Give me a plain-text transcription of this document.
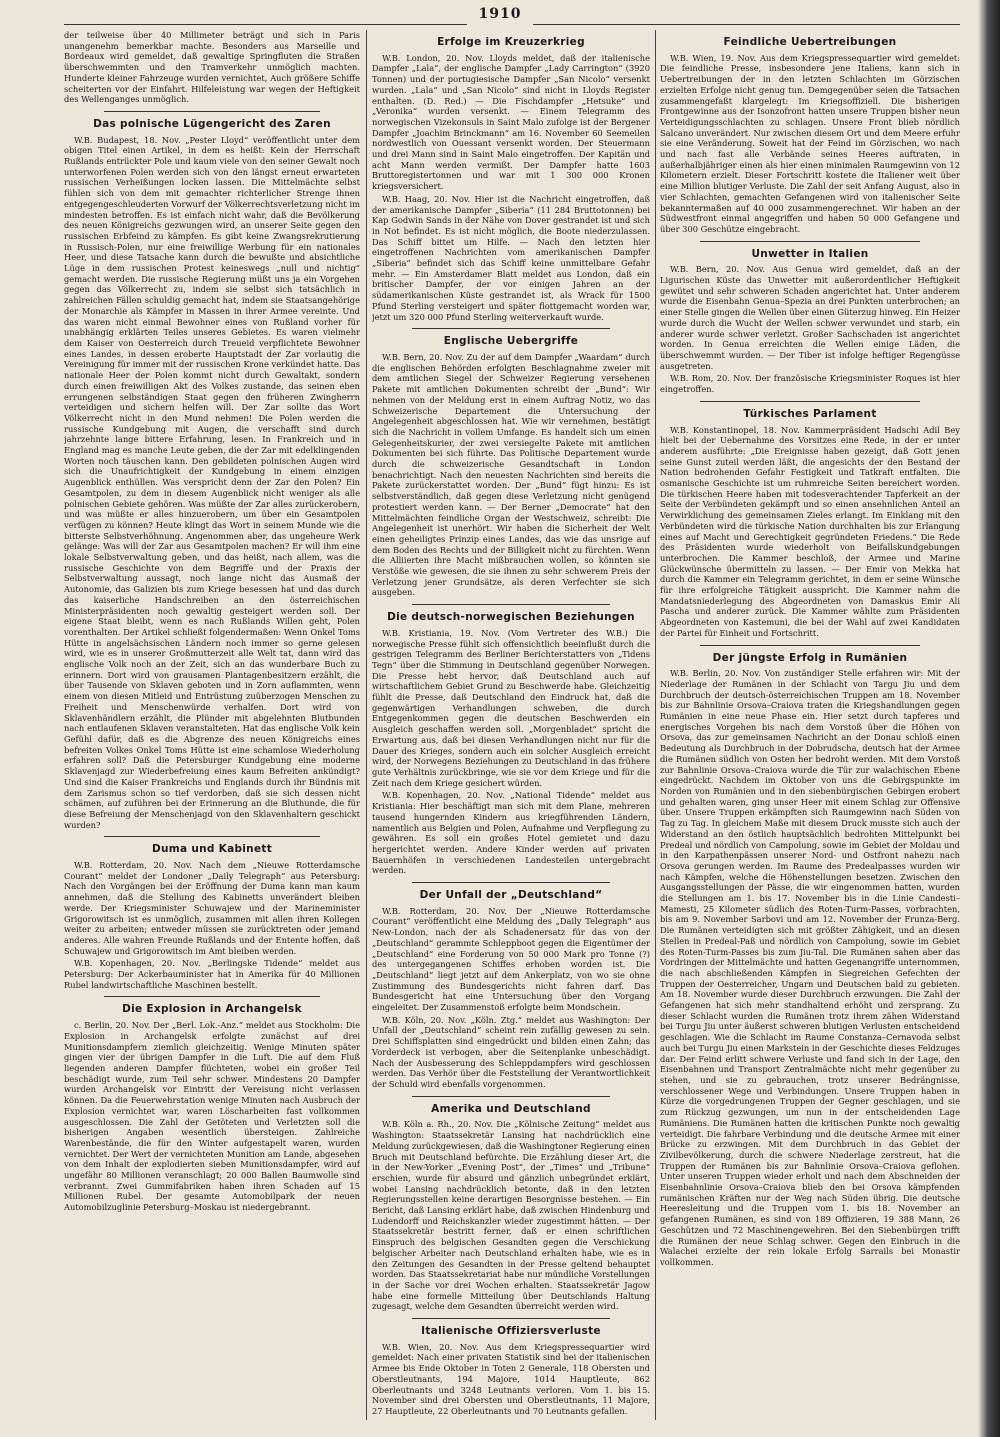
1910

der teilweise über 40 Millimeter beträgt und sich in Paris unangenehm bemerkbar machte. Besonders aus Marseille und Bordeaux wird gemeldet, daß gewaltige Springfluten die Straßen überschwemmten und den Tramverkehr unmöglich machten. Hunderte kleiner Fahrzeuge wurden vernichtet, Auch größere Schiffe scheiterten vor der Einfahrt. Hilfeleistung war wegen der Heftigkeit des Wellenganges unmöglich.

Das polnische Lügengericht des Zaren

W.B. Budapest, 18. Nov. „Pester Lloyd“ veröffentlicht unter dem obigen Titel einen Artikel, in dem es heißt: Kein der Herrschaft Rußlands entrückter Pole und kaum viele von den seiner Gewalt noch unterworfenen Polen werden sich von den längst erneut erwarteten russischen Verheißungen locken lassen. Die Mittelmächte selbst fühlen sich von dem mit gemachter richterlicher Strenge ihnen entgegengeschleuderten Vorwurf der Völkerrechtsverletzung nicht im mindesten betroffen. Es ist einfach nicht wahr, daß die Bevölkerung des neuen Königreichs gezwungen wird, an unserer Seite gegen den russischen Erbfeind zu kämpfen. Es gibt keine Zwangsrekrutierung in Russisch-Polen, nur eine freiwillige Werbung für ein nationales Heer, und diese Tatsache kann durch die bewußte und absichtliche Lüge in dem russischen Protest keineswegs „null und nichtig“ gemacht werden. Die russische Regierung müßt uns ja ein Vorgehen gegen das Völkerrecht zu, indem sie selbst sich tatsächlich in zahlreichen Fällen schuldig gemacht hat, indem sie Staatsangehörige der Monarchie als Kämpfer in Massen in ihrer Armee vereinte. Und das waren nicht einmal Bewohner eines von Rußland vorher für unabhängig erklärten Teiles unseres Gebietes. Es waren vielmehr dem Kaiser von Oesterreich durch Treueid verpflichtete Bewohner eines Landes, in dessen eroberte Hauptstadt der Zar vorlautig die Vereinigung für immer mit der russischen Krone verkündet hatte. Das nationale Heer der Polen kommt nicht durch Gewaltakt, sondern durch einen freiwilligen Akt des Volkes zustande, das seinen eben errungenen selbständigen Staat gegen den früheren Zwingherrn verteidigen und sichern helfen will. Der Zar sollte das Wort Völkerrecht nicht in den Mund nehmen! Die Polen werden die russische Kundgebung mit Augen, die verschafft sind durch jahrzehnte lange bittere Erfahrung, lesen. In Frankreich und in England mag es manche Leute geben, die der Zar mit edelklingenden Worten noch täuschen kann. Den gebildeten polnischen Augen wird sich die Unaufrichtigkeit der Kundgebung in einem einzigen Augenblick enthüllen. Was verspricht denn der Zar den Polen? Ein Gesamtpolen, zu dem in diesem Augenblick nicht weniger als alle polnischen Gebiete gehören. Was müßte der Zar alles zurückerobern, und was müßte er alles hinzuerobern, um über ein Gesamtpolen verfügen zu können? Heute klingt das Wort in seinem Munde wie die bitterste Selbstverhöhnung. Angenommen aber, das ungeheure Werk gelänge: Was will der Zar aus Gesamtpolen machen? Er will ihm eine lokale Selbstverwaltung geben, und das heißt, nach allem, was die russische Geschichte von dem Begriffe und der Praxis der Selbstverwaltung aussagt, noch lange nicht das Ausmaß der Autonomie, das Galizien bis zum Kriege besessen hat und das durch das kaiserliche Handschreiben an den österreichischen Ministerpräsidenten noch gewaltig gesteigert werden soll. Der eigene Staat bleibt, wenn es nach Rußlands Willen geht, Polen vorenthalten. Der Artikel schließt folgendermaßen: Wenn Onkel Toms Hütte in angelsächsischen Ländern noch immer so gerne gelesen wird, wie es in unserer Großmutterzeit alle Welt tat, dann wird das englische Volk noch an der Zeit, sich an das wunderbare Buch zu erinnern. Dort wird von grausamen Plantagenbesitzern erzählt, die über Tausende von Sklaven geboten und in Zorn auflammten, wenn einem von diesen Mitleid und Entrüstung zuüberzogen Menschen zu Freiheit und Menschenwürde verhalfen. Dort wird von Sklavenhändlern erzählt, die Plünder mit abgelehnten Blutbunden nach entlaufenen Sklaven veranstalteten. Hat das englische Volk kein Gefühl dafür, daß es die Abgrenze des neuen Königreichs eines befreiten Volkes Onkel Toms Hütte ist eine schamlose Wiederholung erfahren soll? Daß die Petersburger Kundgebung eine moderne Sklavenjagd zur Wiederbefreiung eines kaum Befreiten ankündigt? Und sind die Kaiser Frankreichs und Englands durch ihr Bündnis mit dem Zarismus schon so tief verdorben, daß sie sich dessen nicht schämen, auf zuführen bei der Erinnerung an die Bluthunde, die für diese Befreiung der Menschenjagd von den Sklavenhaltern geschickt wurden?

Duma und Kabinett

W.B. Rotterdam, 20. Nov. Nach dem „Nieuwe Rotterdamsche Courant“ meldet der Londoner „Daily Telegraph“ aus Petersburg: Nach den Vorgängen bei der Eröffnung der Duma kann man kaum annehmen, daß die Stellung des Kabinetts unverändert bleiben werde. Der Kriegsminister Schuwajew und der Marineminister Grigorowitsch ist es unmöglich, zusammen mit allen ihren Kollegen weiter zu arbeiten; entweder müssen sie zurücktreten oder jemand anderes. Alle wahren Freunde Rußlands und der Entente hoffen, daß Schuwajew und Grigorowitsch im Amt bleiben werden.

W.B. Kopenhagen, 20. Nov. „Berlingske Tidende“ meldet aus Petersburg: Der Ackerbauminister hat in Amerika für 40 Millionen Rubel landwirtschaftliche Maschinen bestellt.

Die Explosion in Archangelsk

c. Berlin, 20. Nov. Der „Berl. Lok.-Anz.“ meldet aus Stockholm: Die Explosion in Archangelsk erfolgte zunächst auf drei Munitionsdampfern ziemlich gleichzeitig. Wenige Minuten später gingen vier der übrigen Dampfer in die Luft. Die auf dem Fluß liegenden anderen Dampfer flüchteten, wobei ein großer Teil beschädigt wurde, zum Teil sehr schwer. Mindestens 20 Dampfer wurden Archangelsk vor Eintritt der Vereisung nicht verlassen können. Da die Feuerwehrstation wenige Minuten nach Ausbruch der Explosion vernichtet war, waren Löscharbeiten fast vollkommen ausgeschlossen. Die Zahl der Getöteten und Verletzten soll die bisherigen Angaben wesentlich übersteigen. Zahlreiche Warenbestände, die für den Winter aufgestapelt waren, wurden vernichtet. Der Wert der vernichteten Munition am Lande, abgesehen von dem Inhalt der explodierten sieben Munitionsdampfer, wird auf ungefähr 80 Millionen veranschlagt; 20 000 Ballen Baumwolle sind verbrannt. Zwei Gummifabriken haben ihren Schaden auf 15 Millionen Rubel. Der gesamte Automobilpark der neuen Automobilzuglinie Petersburg–Moskau ist niedergebrannt.

Erfolge im Kreuzerkrieg

W.B. London, 20. Nov. Lloyds meldet, daß der italienische Dampfer „Lala“, der englische Dampfer „Lady Carrington“ (3920 Tonnen) und der portugiesische Dampfer „San Nicolo“ versenkt wurden. „Lala“ und „San Nicolo“ sind nicht in Lloyds Register enthalten. (D. Red.) — Die Fischdampfer „Hetsuke“ und „Veronika“ wurden versenkt. — Einem Telegramm des norwegischen Vizekonsuls in Saint Malo zufolge ist der Bergener Dampfer „Joachim Brinckmann“ am 16. November 60 Seemeilen nordwestlich von Ouessant versenkt worden. Der Steuermann und drei Mann sind in Saint Malo eingetroffen. Der Kapitän und acht Mann werden vermißt. Der Dampfer hatte 1603 Bruttoregistertonnen und war mit 1 300 000 Kronen kriegsversichert.

W.B. Haag, 20. Nov. Hier ist die Nachricht eingetroffen, daß der amerikanische Dampfer „Siberia“ (11 284 Bruttotonnen) bei Kap Godwin Sands in der Nähe von Dover gestrandet ist und sich in Not befindet. Es ist nicht möglich, die Boote niederzulassen. Das Schiff bittet um Hilfe. — Nach den letzten hier eingetroffenen Nachrichten vom amerikanischen Dampfer „Siberia“ befindet sich das Schiff keine unmittelbare Gefahr mehr. — Ein Amsterdamer Blatt meldet aus London, daß ein britischer Dampfer, der vor einigen Jahren an der südamerikanischen Küste gestrandet ist, als Wrack für 1500 Pfund Sterling versteigert und später flottgemacht worden war, jetzt um 320 000 Pfund Sterling weiterverkauft wurde.

Englische Uebergriffe

W.B. Bern, 20. Nov. Zu der auf dem Dampfer „Waardam“ durch die englischen Behörden erfolgten Beschlagnahme zweier mit dem amtlichen Siegel der Schweizer Regierung versehenen Pakete mit amtlichen Dokumenten schreibt der „Bund“: Wir nehmen von der Meldung erst in einem Auftrag Notiz, wo das Schweizerische Departement die Untersuchung der Angelegenheit abgeschlossen hat. Wie wir vernehmen, bestätigt sich die Nachricht in vollem Umfange. Es handelt sich um einen Gelegenheitskurier, der zwei versiegelte Pakete mit amtlichen Dokumenten bei sich führte. Das Politische Departement wurde durch die schweizerische Gesandtschaft in London benachrichtigt. Nach den neuesten Nachrichten sind bereits die Pakete zurückerstattet worden. Der „Bund“ fügt hinzu: Es ist selbstverständlich, daß gegen diese Verletzung nicht genügend protestiert werden kann. — Der Berner „Democrate“ hat den Mittelmächten feindliche Organ der Westschweiz, schreibt: Die Angelegenheit ist unerhört. Wir haben die Sicherheit der Welt einen geheiligtes Prinzip eines Landes, das wie das unsrige auf dem Boden des Rechts und der Billigkeit nicht zu fürchten. Wenn die Alliierten ihre Macht mißbrauchen wollen, so könnten sie Verstöße wie gewesen, die sie ihnen zu sehr schwerem Preis der Verletzung jener Grundsätze, als deren Verfechter sie sich ausgeben.

Die deutsch-norwegischen Beziehungen

W.B. Kristiania, 19. Nov. (Vom Vertreter des W.B.) Die norwegische Presse fühlt sich offensichtlich beeinflußt durch die gestrigen Telegramm des Berliner Berichterstatters von „Tidens Tegn“ über die Stimmung in Deutschland gegenüber Norwegen. Die Presse hebt hervor, daß Deutschland auch auf wirtschaftlichem Gebiet Grund zu Beschwerde habe. Gleichzeitig fühlt die Presse, daß Deutschland den Eindruck hat, daß die gegenwärtigen Verhandlungen schweben, die durch Entgegenkommen gegen die deutschen Beschwerden ein Ausgleich geschaffen werden soll. „Morgenbladet“ spricht die Erwartung aus, daß bei diesen Verhandlungen nicht nur für die Dauer des Krieges, sondern auch ein solcher Ausgleich erreicht wird, der Norwegens Beziehungen zu Deutschland in das frühere gute Verhältnis zurückbringe, wie sie vor dem Kriege und für die Zeit nach dem Kriege gesichert würden.

W.B. Kopenhagen, 20. Nov. „National Tidende“ meldet aus Kristiania: Hier beschäftigt man sich mit dem Plane, mehreren tausend hungernden Kindern aus kriegführenden Ländern, namentlich aus Belgien und Polen, Aufnahme und Verpflegung zu gewähren. Es soll ein großes Hotel gemietet und dazu hergerichtet werden. Andere Kinder werden auf privaten Bauernhöfen in verschiedenen Landesteilen untergebracht werden.

Der Unfall der „Deutschland“

W.B. Rotterdam, 20. Nov. Der „Nieuwe Rotterdamsche Courant“ veröffentlicht eine Meldung des „Daily Telegraph“ aus New-London, nach der als Schadenersatz für das von der „Deutschland“ gerammte Schleppboot gegen die Eigentümer der „Deutschland“ eine Forderung von 50 000 Mark pro Tonne (?) des untergegangenen Schiffes erhoben worden ist. Die „Deutschland“ liegt jetzt auf dem Ankerplatz, von wo sie ohne Zustimmung des Bundesgerichts nicht fahren darf. Das Bundesgericht hat eine Untersuchung über den Vorgang eingeleitet. Der Zusammenstoß erfolgte beim Mondschein.

W.B. Köln, 20. Nov. „Köln. Ztg.“ meldet aus Washington: Der Unfall der „Deutschland“ scheint rein zufällig gewesen zu sein. Drei Schiffsplatten sind eingedrückt und bilden einen Zahn; das Vorderdeck ist verbogen, aber die Seitenplanke unbeschädigt. Nach der Ausbesserung des Schleppdampfers wird geschlossen werden. Das Verhör über die Feststellung der Verantwortlichkeit der Schuld wird ebenfalls vorgenommen.

Amerika und Deutschland

W.B. Köln a. Rh., 20. Nov. Die „Kölnische Zeitung“ meldet aus Washington: Staatssekretär Lansing hat nachdrücklich eine Meldung zurückgewiesen, daß die Washingtoner Regierung einen Bruch mit Deutschland befürchte. Die Erzählung dieser Art, die in der New-Yorker „Evening Post“, der „Times“ und „Tribune“ erschien, wurde für absurd und gänzlich unbegründet erklärt, wobei Lansing nachdrücklich betonte, daß in den letzten Regierungsstellen keine derartigen Besorgnisse bestehen. — Ein Bericht, daß Lansing erklärt habe, daß zwischen Hindenburg und Ludendorff und Reichskanzler wieder zugestimmt hätten. — Der Staatssekretär bestritt ferner, daß er einen schriftlichen Einspruch des belgischen Gesandten gegen die Verschickung belgischer Arbeiter nach Deutschland erhalten habe, wie es in den Zeitungen des Gesandten in der Presse geltend behauptet worden. Das Staatssekretariat habe nur mündliche Vorstellungen in der Sache vor drei Wochen erhalten. Staatssekretär Jagow habe eine formelle Mitteilung über Deutschlands Haltung zugesagt, welche dem Gesandten überreicht werden wird.

Italienische Offiziersverluste

W.B. Wien, 20. Nov. Aus dem Kriegspressequartier wird gemeldet: Nach einer privaten Statistik sind bei der italienischen Armee bis Ende Oktober in Toten 2 Generale, 118 Obersten und Oberstleutnants, 194 Majore, 1014 Hauptleute, 862 Oberleutnants und 3248 Leutnants verloren. Vom 1. bis 15. November sind drei Obersten und Oberstleutnants, 11 Majore, 27 Hauptleute, 22 Oberleutnants und 70 Leutnants gefallen.

Feindliche Uebertreibungen

W.B. Wien, 19. Nov. Aus dem Kriegspressequartier wird gemeldet: Die feindliche Presse, insbesondere jene Italiens, kann sich in Uebertreibungen der in den letzten Schlachten im Görzischen erzielten Erfolge nicht genug tun. Demgegenüber seien die Tatsachen zusammengefaßt klargelegt: Im Kriegsoffiziell. Die bisherigen Frontgewinne aus der Isonzofront hatten unsere Truppen bisher neun Verteidigungsschlachten zu schlagen. Unsere Front blieb nördlich Salcano unverändert. Nur zwischen diesem Ort und dem Meere erfuhr sie eine Veränderung. Soweit hat der Feind im Görzischen, wo nach und nach fast alle Verbände seines Heeres auftraten, in außerhalbjähriger einen als hier einen minimalen Raumgewinn von 12 Kilometern erzielt. Dieser Fortschritt kostete die Italiener weit über eine Million blutiger Verluste. Die Zahl der seit Anfang August, also in vier Schlachten, gemachten Gefangenen wird von italienischer Seite bekanntermaßen auf 40 000 zusammengerechnet. Wir haben an der Südwestfront einmal angegriffen und haben 50 000 Gefangene und über 300 Geschütze eingebracht.

Unwetter in Italien

W.B. Bern, 20. Nov. Aus Genua wird gemeldet, daß an der Ligurischen Küste das Unwetter mit außerordentlicher Heftigkeit gewütet und sehr schweren Schaden angerichtet hat. Unter anderem wurde die Eisenbahn Genua–Spezia an drei Punkten unterbrochen; an einer Stelle gingen die Wellen über einen Güterzug hinweg. Ein Heizer wurde durch die Wucht der Wellen schwer verwundet und starb, ein anderer wurde schwer verletzt. Großer Sachschaden ist angerichtet worden. In Genua erreichten die Wellen einige Läden, die überschwemmt wurden. — Der Tiber ist infolge heftiger Regengüsse ausgetreten.

W.B. Rom, 20. Nov. Der französische Kriegsminister Roques ist hier eingetroffen.

Türkisches Parlament

W.B. Konstantinopel, 18. Nov. Kammerpräsident Hadschi Adil Bey hielt bei der Uebernahme des Vorsitzes eine Rede, in der er unter anderem ausführte: „Die Ereignisse haben gezeigt, daß Gott jenen seine Gunst zuteil werden läßt, die angesichts der den Bestand der Nation bedrohenden Gefahr Festigkeit und Tatkraft entfalten. Die osmanische Geschichte ist um ruhmreiche Seiten bereichert worden. Die türkischen Heere haben mit todesverachtender Tapferkeit an der Seite der Verbündeten gekämpft und so einen ansehnlichen Anteil an Verwirklichung des gemeinsamen Zieles erlangt. Im Einklang mit den Verbündeten wird die türkische Nation durchhalten bis zur Erlangung eines auf Macht und Gerechtigkeit gegründeten Friedens.“ Die Rede des Präsidenten wurde wiederholt von Beifallskundgebungen unterbrochen. Die Kammer beschloß, der Armee und Marine Glückwünsche übermitteln zu lassen. — Der Emir von Mekka hat durch die Kammer ein Telegramm gerichtet, in dem er seine Wünsche für ihre erfolgreiche Tätigkeit ausspricht. Die Kammer nahm die Mandatsniederlegung des Abgeordneten von Damaskus Emir Ali Pascha und anderer zurück. Die Kammer wählte zum Präsidenten Abgeordneten von Kastemuni, die bei der Wahl auf zwei Kandidaten der Partei für Einheit und Fortschritt.

Der jüngste Erfolg in Rumänien

W.B. Berlin, 20. Nov. Von zuständiger Stelle erfahren wir: Mit der Niederlage der Rumänen in der Schlacht von Targu Jiu und dem Durchbruch der deutsch-österreichischen Truppen am 18. November bis zur Bahnlinie Orsova–Craiova traten die Kriegshandlungen gegen Rumänien in eine neue Phase ein. Hier setzt durch tapferes und energisches Vorgehen bis nach dem Vorstoß über die Höhen von Orsova, das zur gemeinsamen Nachricht an der Donau schloß einen Bedeutung als Durchbruch in der Dobrudscha, deutsch hat der Armee die Rumänen südlich von Osten her bedroht werden. Mit dem Vorstoß zur Bahnlinie Orsova–Craiova wurde die Tür zur walachischen Ebene eingedrückt. Nachdem im Oktober von uns die Gebirgspunkte im Norden von Rumänien und in den siebenbürgischen Gebirgen erobert und gehalten waren, ging unser Heer mit einem Schlag zur Offensive über. Unsere Truppen erkämpften sich Raumgewinn nach Süden von Tag zu Tag. In gleichem Maße mit diesem Druck musste sich auch der Widerstand an den östlich hauptsächlich bedrohten Mittelpunkt bei Predeal und nördlich von Campolung, sowie im Gebiet der Moldau und in den Karpathenpässen unserer Nord- und Ostfront nahezu nach Orsova gerungen werden. Im Raume des Predealpasses wurden wir nach Kämpfen, welche die Höhenstellungen besetzen. Zwischen den Ausgangsstellungen der Pässe, die wir eingenommen hatten, wurden die Stellungen am 1. bis 17. November bis in die Linie Candesti–Mamesti, 25 Kilometer südlich des Roten-Turm-Passes, vorbrachten, bis am 9. November Sarbovi und am 12. November der Frunza-Berg. Die Rumänen verteidigten sich mit größter Zähigkeit, und an diesen Stellen in Predeal-Paß und nördlich von Campolung, sowie im Gebiet des Roten-Turm-Passes bis zum Jiu-Tal. Die Rumänen sahen aber das Vordringen der Mittelmächte und hatten Gegenangriffe unternommen, die nach abschließenden Kämpfen in Siegreichen Gefechten der Truppen der Oesterreicher, Ungarn und Deutschen bald zu gebieten. Am 18. November wurde dieser Durchbruch erzwungen. Die Zahl der Gefangenen hat sich mehr standhaltend erhöht und zersprang. Zu dieser Schlacht wurden die Rumänen trotz ihrem zähen Widerstand bei Turgu Jiu unter äußerst schweren blutigen Verlusten entscheidend geschlagen. Wie die Schlacht im Raume Constanza–Cernavoda selbst auch bei Turgu Jiu einen Markstein in der Geschichte dieses Feldzuges dar. Der Feind erlitt schwere Verluste und fand sich in der Lage, den Eisenbahnen und Transport Zentralmächte nicht mehr gegenüber zu stehen, und sie zu gebrauchen, trotz unserer Bedrängnisse, verschlossener Wege und Verbindungen. Unsere Truppen haben in Kürze die vorgedrungenen Truppen der Gegner geschlagen, und sie zum Rückzug gezwungen, um nun in der entscheidenden Lage Rumäniens. Die Rumänen hatten die kritischen Punkte noch gewaltig verteidigt. Die fahrbare Verbindung und die deutsche Armee mit einer Brücke zu erzwingen. Mit dem Durchbruch in das Gebiet der Zivilbevölkerung, durch die schwere Niederlage zerstreut, hat die Truppen der Rumänen bis zur Bahnlinie Orsova–Craiova geflohen. Unter unseren Truppen wieder erholt und nach dem Abschneiden der Eisenbahnlinie Orsova–Craiova blieb den bei Orsova kämpfenden rumänischen Kräften nur der Weg nach Süden übrig. Die deutsche Heeresleitung und die Truppen vom 1. bis 18. November an gefangenen Rumänen, es sind von 189 Offizieren, 19 388 Mann, 26 Geschützen und 72 Maschinengewehren. Bei den Siebenbürgen trifft die Rumänen der neue Schlag schwer. Gegen den Einbruch in die Walachei erzielte der rein lokale Erfolg Sarrails bei Monastir vollkommen.
